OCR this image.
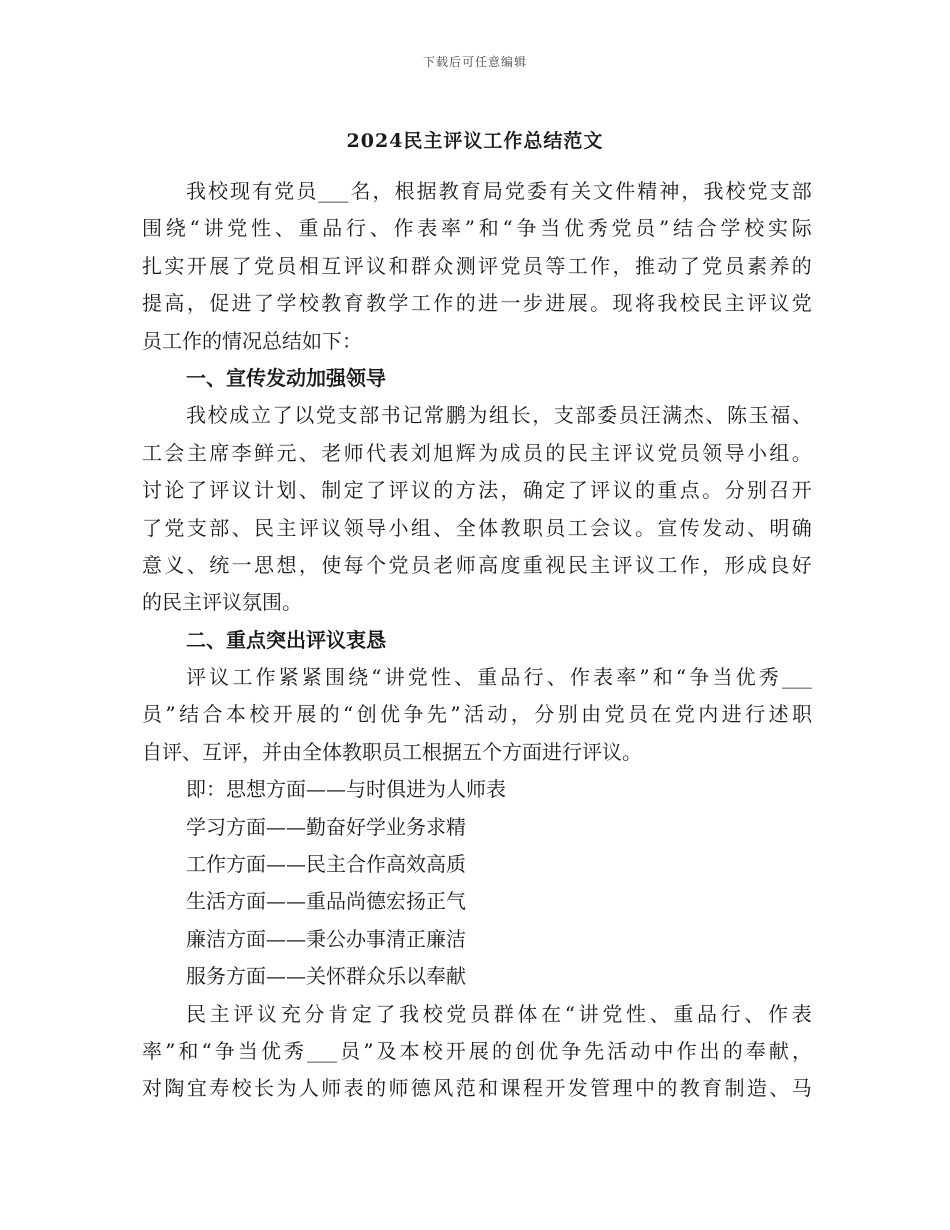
下载后可任意编辑
2024民主评议工作总结范文
我 校 现 有 党 员 ___ 名 ， 根 据 教 育 局 党 委 有 关 文 件 精 神 ， 我 校 党 支 部
围 绕 “ 讲 党 性 、 重 品 行 、 作 表 率 ” 和 “ 争 当 优 秀 党 员 ” 结 合 学 校 实 际
扎 实 开 展 了 党 员 相 互 评 议 和 群 众 测 评 党 员 等 工 作 ， 推 动 了 党 员 素 养 的
提 高 ， 促 进 了 学 校 教 育 教 学 工 作 的 进 一 步 进 展 。 现 将 我 校 民 主 评 议 党
员工作的情况总结如下：
一、宣传发动加强领导
我 校 成 立 了 以 党 支 部 书 记 常 鹏 为 组 长 ， 支 部 委 员 汪 满 杰 、 陈 玉 福 、
工 会 主 席 李 鲜 元 、 老 师 代 表 刘 旭 辉 为 成 员 的 民 主 评 议 党 员 领 导 小 组 。
讨 论 了 评 议 计 划 、 制 定 了 评 议 的 方 法 ， 确 定 了 评 议 的 重 点 。 分 别 召 开
了 党 支 部 、 民 主 评 议 领 导 小 组 、 全 体 教 职 员 工 会 议 。 宣 传 发 动 、 明 确
意 义 、 统 一 思 想 ， 使 每 个 党 员 老 师 高 度 重 视 民 主 评 议 工 作 ， 形 成 良 好
的民主评议氛围。
二、重点突出评议衷恳
评 议 工 作 紧 紧 围 绕 “ 讲 党 性 、 重 品 行 、 作 表 率 ” 和 “ 争 当 优 秀 ___
员 ” 结 合 本 校 开 展 的 “ 创 优 争 先 ” 活 动 ， 分 别 由 党 员 在 党 内 进 行 述 职
自评、互评，并由全体教职员工根据五个方面进行评议。
即：思想方面——与时俱进为人师表
学习方面——勤奋好学业务求精
工作方面——民主合作高效高质
生活方面——重品尚德宏扬正气
廉洁方面——秉公办事清正廉洁
服务方面——关怀群众乐以奉献
民 主 评 议 充 分 肯 定 了 我 校 党 员 群 体 在 “ 讲 党 性 、 重 品 行 、 作 表
率 ” 和 “ 争 当 优 秀 ___ 员 ” 及 本 校 开 展 的 创 优 争 先 活 动 中 作 出 的 奉 献 ，
对 陶 宜 寿 校 长 为 人 师 表 的 师 德 风 范 和 课 程 开 发 管 理 中 的 教 育 制 造 、 马
